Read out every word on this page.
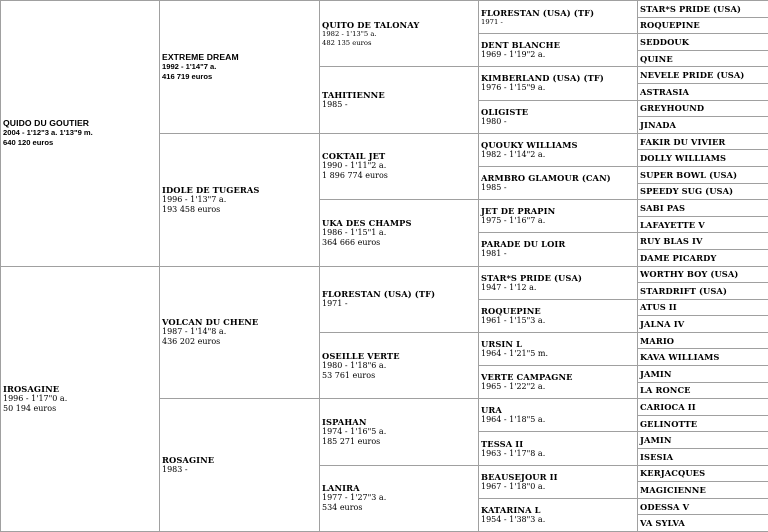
QUIDO DU GOUTIER
2004 - 1'12"3 a. 1'13"9 m.
640 120 euros	EXTREME DREAM
1992 - 1'14"7 a.
416 719 euros	QUITO DE TALONAY
1982 - 1'13"5 a.
482 135 euros	FLORESTAN (USA) (TF)
1971 -	STAR*S PRIDE (USA)

				ROQUEPINE

			DENT BLANCHE
1969 - 1'19"2 a.	SEDDOUK

				QUINE

		TAHITIENNE
1985 -	KIMBERLAND (USA) (TF)
1976 - 1'15"9 a.	NEVELE PRIDE (USA)

				ASTRASIA

			OLIGISTE
1980 -	GREYHOUND

				JINADA

	IDOLE DE TUGERAS
1996 - 1'13"7 a.
193 458 euros	COKTAIL JET
1990 - 1'11"2 a.
1 896 774 euros	QUOUKY WILLIAMS
1982 - 1'14"2 a.	FAKIR DU VIVIER

				DOLLY WILLIAMS

			ARMBRO GLAMOUR (CAN)
1985 -	SUPER BOWL (USA)

				SPEEDY SUG (USA)

		UKA DES CHAMPS
1986 - 1'15"1 a.
364 666 euros	JET DE PRAPIN
1975 - 1'16"7 a.	SABI PAS

				LAFAYETTE V

			PARADE DU LOIR
1981 -	RUY BLAS IV

				DAME PICARDY

IROSAGINE
1996 - 1'17"0 a.
50 194 euros	VOLCAN DU CHENE
1987 - 1'14"8 a.
436 202 euros	FLORESTAN (USA) (TF)
1971 -	STAR*S PRIDE (USA)
1947 - 1'12 a.	WORTHY BOY (USA)

				STARDRIFT (USA)

			ROQUEPINE
1961 - 1'15"3 a.	ATUS II

				JALNA IV

		OSEILLE VERTE
1980 - 1'18"6 a.
53 761 euros	URSIN L
1964 - 1'21"5 m.	MARIO

				KAVA WILLIAMS

			VERTE CAMPAGNE
1965 - 1'22"2 a.	JAMIN

				LA RONCE

	ROSAGINE
1983 -	ISPAHAN
1974 - 1'16"5 a.
185 271 euros	URA
1964 - 1'18"5 a.	CARIOCA II

				GELINOTTE

			TESSA II
1963 - 1'17"8 a.	JAMIN

				ISESIA

		LANIRA
1977 - 1'27"3 a.
534 euros	BEAUSEJOUR II
1967 - 1'18"0 a.	KERJACQUES

				MAGICIENNE

			KATARINA L
1954 - 1'38"3 a.	ODESSA V

				VA SYLVA
